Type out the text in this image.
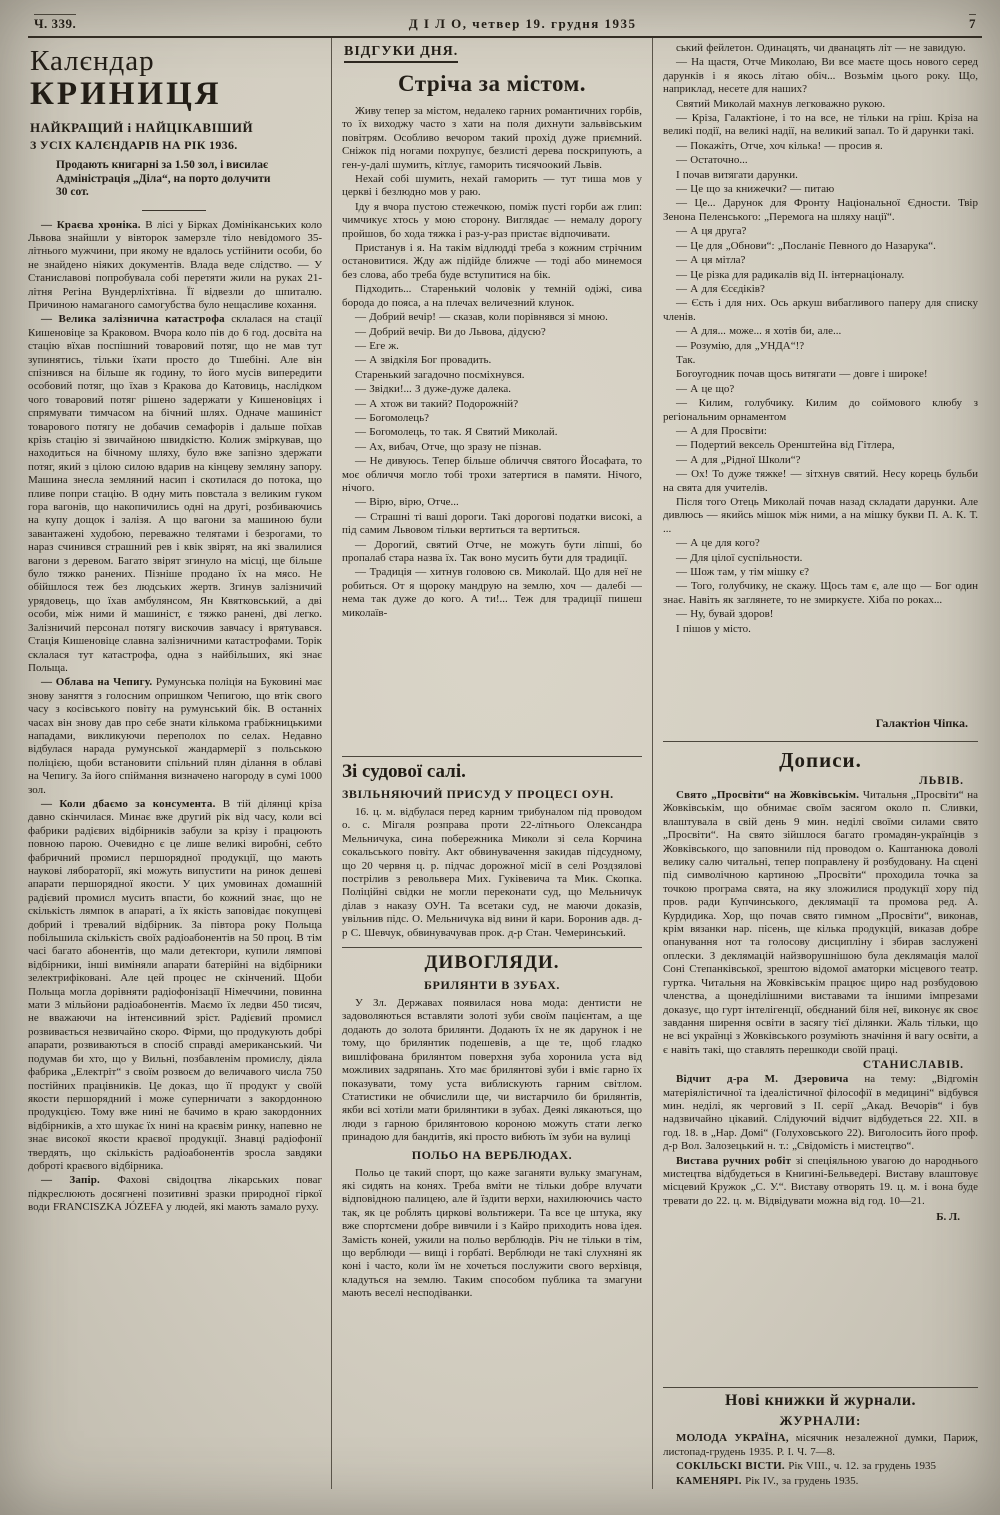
Ч. 339.	Д І Л О, четвер 19. грудня 1935	7
Калєндар
КРИНИЦЯ
НАЙКРАЩИЙ і НАЙЦІКАВІШИЙ
З УСІХ КАЛЄНДАРІВ НА РІК 1936.

Продають книгарні за 1.50 зол, і висилає Адміністрація „Діла“, на порто долучити 30 сот.

— Краєва хроніка. В лісі у Бірках Домініканських коло Львова знайшли у вівторок замерзле тіло невідомого 35-літнього мужчини, при якому не вдалось устійнити особи, бо не знайдено ніяких документів. Влада веде слідство. — У Станиславові попробувала собі перетяти жили на руках 21-літня Регіна Вундерліхтівна. Її відвезли до шпиталю. Причиною намаганого самогубства було нещасливе кохання.

— Велика залізнична катастрофа склалася на стації Кишеновіце за Краковом. Вчора коло пів до 6 год. досвіта на стацію вїхав поспішний товаровий потяг, що не мав тут зупинятись, тільки їхати просто до Тшебіні. Але він спізнився на більше як годину, то його мусів випередити особовий потяг, що їхав з Кракова до Катовиць, наслідком чого товаровий потяг рішено задержати у Кишеновіцях і спрямувати тимчасом на бічний шлях. Одначе машиніст товарового потягу не добачив семафорів і дальше поїхав крізь стацію зі звичайною швидкістю. Колиж зміркував, що находиться на бічному шляху, було вже запізно здержати потяг, який з цілою силою вдарив на кінцеву земляну запору. Машина знесла земляний насип і скотилася до потока, що пливе попри стацію. В одну мить повстала з великим гуком гора вагонів, що накопичились одні на другі, розбиваючись на купу дощок і залізя. А що вагони за машиною були завантажені худобою, переважно телятами і безрогами, то нараз счинився страшний рев і квік звірят, на які звалилися вагони з деревом. Багато звірят згинуло на місці, ще більше було тяжко ранених. Пізніше продано їх на мясо. Не обійшлося теж без людських жертв. Згинув залізничий урядовець, що їхав амбулянсом, Ян Квятковський, а дві особи, між ними й машиніст, є тяжко ранені, дві легко. Залізничий персонал потягу вискочив завчасу і врятувався. Стація Кишеновіце славна залізничними катастрофами. Торік склалася тут катастрофа, одна з найбільших, які знає Польща.

— Облава на Чепигу. Румунська поліція на Буковині має знову заняття з голосним опришком Чепигою, що втік свого часу з косівського повіту на румунський бік. В останніх часах він знову дав про себе знати кількома грабіжницькими нападами, викликуючи переполох по селах. Недавно відбулася нарада румунської жандармерії з польською поліцією, щоби встановити спільний плян ділання в облаві на Чепигу. За його спіймання визначено нагороду в сумі 1000 зол.

— Коли дбаємо за консумента. В тій ділянці кріза давно скінчилася. Минає вже другий рік від часу, коли всі фабрики радієвих відбірників забули за крізу і працюють повною парою. Очевидно є це лише великі виробні, себто фабричний промисл першорядної продукції, що мають наукові лябораторії, які можуть випустити на ринок дешеві апарати першорядної якости. У цих умовинах домашній радієвий промисл мусить впасти, бо кожний знає, що не скількість лямпок в апараті, а їх якість заповідає покупцеві добрий і тревалий відбірник. За півтора року Польща побільшила скількість своїх радіоабонентів на 50 проц. В тім часі багато абонентів, що мали детектори, купили лямпові відбірники, інші виміняли апарати батерійні на відбірники зелектрифіковані. Але цей процес не скінчений. Щоби Польща могла дорівняти радіофонізації Німеччини, повинна мати 3 мільйони радіоабонентів. Маємо їх ледви 450 тисяч, не вважаючи на інтенсивний зріст. Радієвий промисл розвивається незвичайно скоро. Фірми, що продукують добрі апарати, розвиваються в спосіб справді американський. Чи подумав би хто, що у Вильні, позбавленім промислу, діяла фабрика „Електріт“ з своїм розвоєм до величавого числа 750 постійних працівників. Це доказ, що її продукт у своїй якости першорядний і може суперничати з закордонною продукцією. Тому вже нині не бачимо в краю закордонних відбірників, а хто шукає їх нині на краєвім ринку, напевно не знає високої якости краєвої продукції. Знавці радіофонії твердять, що скількість радіоабонентів зросла завдяки доброті краєвого відбірника.

— Запір. Фахові свідоцтва лікарських поваг підкреслюють досягнені позитивні зразки природної гіркої води FRANCISZKA JÓZEFA у людей, які мають замало руху.

ВІДГУКИ ДНЯ.
Стріча за містом.

Живу тепер за містом, недалеко гарних романтичних горбів, то їх виходжу часто з хати на поля дихнути зальвівським повітрям. Особливо вечором такий прохід дуже приємний. Сніжок під ногами похрупує, безлисті дерева поскрипують, а ген-у-далі шумить, кітлує, гаморить тисячоокий Львів.

Нехай собі шумить, нехай гаморить — тут тиша мов у церкві і безлюдно мов у раю.

Іду я вчора пустою стежечкою, поміж пусті горби аж глип: чимчикує хтось у мою сторону. Виглядає — немалу дорогу пройшов, бо хода тяжка і раз-у-раз пристає відпочивати.

Пристанув і я. На такім відлюдді треба з кожним стрічним остановитися. Жду аж підійде ближче — тоді або минемося без слова, або треба буде вступитися на бік.

Підходить... Старенький чоловік у темній одіжі, сива борода до пояса, а на плечах величезний клунок.

— Добрий вечір! — сказав, коли порівнявся зі мною.

— Добрий вечір. Ви до Львова, дідусю?

— Еге ж.

— А звідкіля Бог провадить.

Старенький загадочно посміхнувся.

— Звідки!... З дуже-дуже далека.

— А хтож ви такий? Подорожній?

— Богомолець?

— Богомолець, то так. Я Святий Миколай.

— Ах, вибач, Отче, що зразу не пізнав.

— Не дивуюсь. Тепер більше обличчя святого Йосафата, то моє обличчя могло тобі трохи затертися в памяти. Нічого, нічого.

— Вірю, вірю, Отче...

— Страшні ті ваші дороги. Такі дорогові податки високі, а під самим Львовом тільки вертиться та вертиться.

— Дорогий, святий Отче, не можуть бути ліпші, бо пропалаб стара назва їх. Так воно мусить бути для традиції.

— Традиція — хитнув головою св. Миколай. Що для неї не робиться. От я щороку мандрую на землю, хоч — далебі — нема так дуже до кого. А ти!... Теж для традиції пишеш миколаїв-

Зі судової салі.
ЗВІЛЬНЯЮЧИЙ ПРИСУД У ПРОЦЕСІ ОУН.

16. ц. м. відбулася перед карним трибуналом під проводом о. с. Мігаля розправа проти 22-літнього Олександра Мельничука, сина побережника Миколи зі села Корчина сокальського повіту. Акт обвинувачення закидав підсудному, що 20 червня ц. р. підчас дорожної місії в селі Роздзялові пострілив з револьвера Мих. Гуківевича та Мик. Скопка. Поліційні свідки не могли переконати суд, що Мельничук ділав з наказу ОУН. Та всетаки суд, не маючи доказів, увільнив підс. О. Мельничука від вини й кари. Боронив адв. д-р С. Шевчук, обвинувачував прок. д-р Стан. Чемеринський.

ДИВОГЛЯДИ.
БРИЛЯНТИ В ЗУБАХ.

У Зл. Державах появилася нова мода: дентисти не задоволяються вставляти золоті зуби своїм пацієнтам, а ще додають до золота брилянти. Додають їх не як дарунок і не тому, що брилянтик подешевів, а ще те, щоб гладко вишліфована брилянтом поверхня зуба хоронила уста від можливих задряпань. Хто має брилянтові зуби і вміє гарно їх показувати, тому уста виблискують гарним світлом. Статистики не обчислили ще, чи вистарчило би брилянтів, якби всі хотіли мати брилянтики в зубах. Деякі лякаються, що люди з гарною брилянтовою короною можуть стати легко принадою для бандитів, які просто вибють їм зуби на вулиці

ПОЛЬО НА ВЕРБЛЮДАХ.

Польо це такий спорт, що каже заганяти вульку змагунам, які сидять на конях. Треба вміти не тільки добре влучати відповідною палицею, але й їздити верхи, нахилюючись часто так, як це роблять циркові вольтижери. Та все це штука, яку вже спортсмени добре вивчили і з Кайро приходить нова ідея. Замість коней, ужили на польо верблюдів. Річ не тільки в тім, що верблюди — вищі і горбаті. Верблюди не такі слухняні як коні і часто, коли їм не хочеться послужити свого верхівця, кладуться на землю. Таким способом публика та змагуни мають веселі несподіванки.

ський фейлетон. Одинацять, чи дванацять літ — не завидую.

— На щастя, Отче Миколаю, Ви все маєте щось нового серед дарунків і я якось літаю обіч... Возьмім цього року. Що, наприклад, несете для наших?

Святий Миколай махнув легковажно рукою.

— Кріза, Галактіоне, і то на все, не тільки на гріш. Кріза на великі події, на великі надії, на великий запал. То й дарунки такі.

— Покажіть, Отче, хоч кілька! — просив я.

— Остаточно...

І почав витягати дарунки.

— Це що за книжечки? — питаю

— Це... Дарунок для Фронту Національної Єдности. Твір Зенона Пеленського: „Перемога на шляху нації“.

— А ця друга?

— Це для „Обнови“: „Посланіє Певного до Назарука“.

— А ця мітла?

— Це різка для радикалів від II. інтернаціоналу.

— А для Єсєдіків?

— Єсть і для них. Ось аркуш вибагливого паперу для списку членів.

— А для... може... я хотів би, але...

— Розумію, для „УНДА“!?

Так.

Богоугодник почав щось витягати — довге і широке!

— А це що?

— Килим, голубчику. Килим до соймового клюбу з регіональним орнаментом

— А для Просвіти:

— Подертий вексель Оренштейна від Гітлера,

— А для „Рідної Школи“?

— Ох! То дуже тяжке! — зітхнув святий. Несу корець бульби на свята для учителів.

Після того Отець Миколай почав назад складати дарунки. Але дивлюсь — якийсь мішок між ними, а на мішку букви П. А. К. Т. ...

— А це для кого?

— Для цілої суспільности.

— Шож там, у тім мішку є?

— Того, голубчику, не скажу. Щось там є, але що — Бог один знає. Навіть як заглянете, то не змиркуєте. Хіба по роках...

— Ну, бувай здоров!

І пішов у місто.

Галактіон Чіпка.
Дописи.
ЛЬВІВ.

Свято „Просвіти“ на Жовківськім. Читальня „Просвіти“ на Жовківськім, що обнимає своїм засягом около п. Сливки, влаштувала в свій день 9 мин. неділі своїми силами свято „Просвіти“. На свято зійшлося багато громадян-українців з Жовківського, що заповнили під проводом о. Каштанюка доволі велику салю читальні, тепер поправлену й розбудовану. На сцені під символічною картиною „Просвіти“ проходила точка за точкою програма свята, на яку зложилися продукції хору під пров. ради Купчинського, деклямації та промова ред. А. Курдидика. Хор, що почав свято гимном „Просвіти“, виконав, крім вязанки нар. пісень, ще кілька продукцій, виказав добре опанування нот та голосову дисципліну і збирав заслужені оплески. З деклямацій найзворушнішою була деклямація малої Соні Степанківської, зрештою відомої аматорки місцевого театр. гуртка. Читальня на Жовківськім працює щиро над розбудовою членства, а щонеділішними виставами та іншими імпрезами доказує, що гурт інтелігенції, обєднаний біля неї, виконує як своє завдання ширення освіти в засягу тієї ділянки. Жаль тільки, що не всі українці з Жовківського розуміють значіння й вагу освіти, а є навіть такі, що ставлять перешкоди своїй праці.

СТАНИСЛАВІВ.

Відчит д-ра М. Дзеровича на тему: „Відгомін матеріялістичної та ідеалістичної філософії в медицині“ відбувся мин. неділі, як черговий з II. серії „Акад. Вечорів“ і був надзвичайно цікавий. Слідуючий відчит відбудеться 22. XII. в год. 18. в „Нар. Домі“ (Голуховського 22). Виголосить його проф. д-р Вол. Залозецький н. т.: „Свідомість і мистецтво“.

Вистава ручних робіт зі спеціяльною увагою до народнього мистецтва відбудеться в Книгині-Бельведері. Виставу влаштовує місцевий Кружок „С. У.“. Виставу отворять 19. ц. м. і вона буде тревати до 22. ц. м. Відвідувати можна від год. 10—21.

Б. Л.
Нові книжки й журнали.
ЖУРНАЛИ:

МОЛОДА УКРАЇНА, місячник незалежної думки, Париж, листопад-грудень 1935. Р. І. Ч. 7—8.

СОКІЛЬСКІ ВІСТИ. Рік VIII., ч. 12. за грудень 1935

КАМЕНЯРІ. Рік IV., за грудень 1935.
